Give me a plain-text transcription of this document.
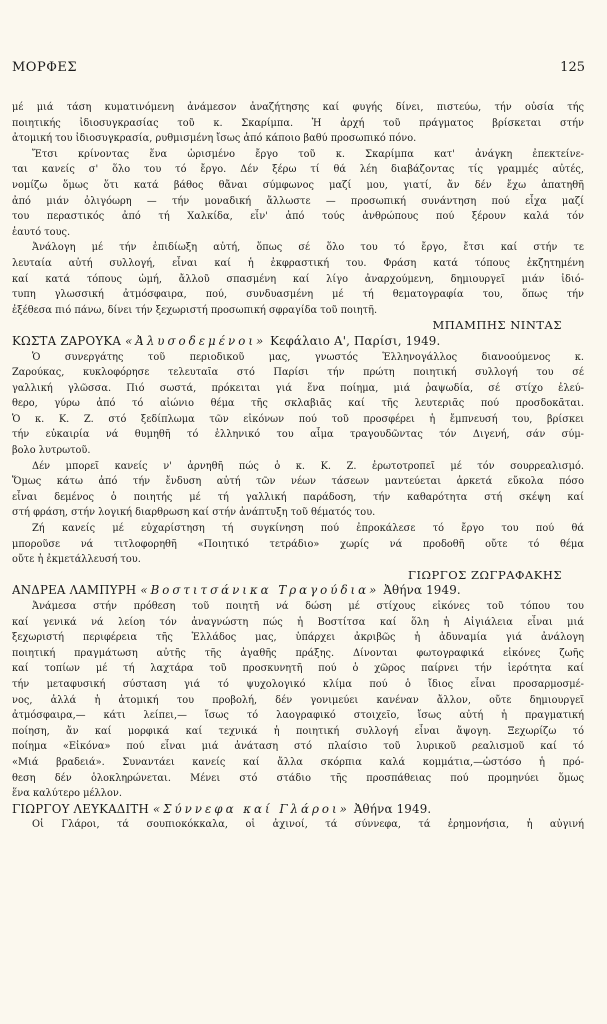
ΜΟΡΦΕΣ	125
μέ μιά τάση κυματινόμενη ἀνάμεσον ἀναζήτησης καί φυγής δίνει, πιστεύω, τήν οὐσία τής
ποιητικής ἰδιοσυγκρασίας τοῦ κ. Σκαρίμπα. Ἡ ἀρχή τοῦ πράγματος βρίσκεται στήν
ἀτομική του ἰδιοσυγκρασία, ρυθμισμένη ἴσως ἀπό κάποιο βαθύ προσωπικό πόνο.
Ἔτσι κρίνοντας ἕνα ὡρισμένο ἔργο τοῦ κ. Σκαρίμπα κατ' ἀνάγκη ἐπεκτείνε-
ται κανείς σ' ὅλο του τό ἔργο. Δέν ξέρω τί θά λέη διαβάζοντας τίς γραμμές αὐτές,
νομίζω ὅμως ὅτι κατά βάθος θἄναι σύμφωνος μαζί μου, γιατί, ἄν δέν ἔχω ἀπατηθῆ
ἀπό μιάν ὀλιγόωρη — τήν μοναδική ἄλλωστε — προσωπική συνάντηση πού εἶχα μαζί
του περαστικός ἀπό τή Χαλκίδα, εἶν' ἀπό τούς ἀνθρώπους πού ξέρουν καλά τόν
ἑαυτό τους.
Ἀνάλογη μέ τήν ἐπιδίωξη αὐτή, ὅπως σέ ὅλο του τό ἔργο, ἔτσι καί στήν τε
λευταία αὐτή συλλογή, εἶναι καί ἡ ἐκφραστική του. Φράση κατά τόπους ἐκζητημένη
καί κατά τόπους ὠμή, ἄλλοῦ σπασμένη καί λίγο ἀναρχούμενη, δημιουργεῖ μιάν ἰδιό-
τυπη γλωσσική ἀτμόσφαιρα, πού, συνδυασμένη μέ τή θεματογραφία του, ὅπως τήν
ἐξέθεσα πιό πάνω, δίνει τήν ξεχωριστή προσωπική σφραγίδα τοῦ ποιητῆ.
ΜΠΑΜΠΗΣ ΝΙΝΤΑΣ
ΚΩΣΤΑ ΖΑΡΟΥΚΑ «Ἀλυσοδεμένοι» Κεφάλαιο Α', Παρίσι, 1949.
Ὁ συνεργάτης τοῦ περιοδικοῦ μας, γνωστός Ἑλληνογάλλος διανοούμενος κ.
Ζαρούκας, κυκλοφόρησε τελευταῖα στό Παρίσι τήν πρώτη ποιητική συλλογή του σέ
γαλλική γλῶσσα. Πιό σωστά, πρόκειται γιά ἕνα ποίημα, μιά ῥαψωδία, σέ στίχο ἐλεύ-
θερο, γύρω ἀπό τό αἰώνιο θέμα τῆς σκλαβιᾶς καί τῆς λευτεριᾶς πού προσδοκᾶται.
Ὁ κ. Κ. Ζ. στό ξεδίπλωμα τῶν εἰκόνων πού τοῦ προσφέρει ἡ ἔμπνευσή του, βρίσκει
τήν εὐκαιρία νά θυμηθῆ τό ἑλληνικό του αἷμα τραγουδῶντας τόν Διγενή, σάν σύμ-
βολο λυτρωτοῦ.
Δέν μπορεῖ κανείς ν' ἀρνηθῆ πώς ὁ κ. Κ. Ζ. ἐρωτοτροπεῖ μέ τόν σουρρεαλισμό.
Ὅμως κάτω ἀπό τήν ἔνδυση αὐτή τῶν νέων τάσεων μαντεύεται ἀρκετά εὔκολα πόσο
εἶναι δεμένος ὁ ποιητής μέ τή γαλλική παράδοση, τήν καθαρότητα στή σκέψη καί
στή φράση, στήν λογική διαρθρωση καί στήν ἀνάπτυξη τοῦ θέματός του.
Ζή κανείς μέ εὐχαρίστηση τή συγκίνηση πού ἐπροκάλεσε τό ἔργο του πού θά
μποροῦσε νά τιτλοφορηθῆ «Ποιητικό τετράδιο» χωρίς νά προδοθῆ οὔτε τό θέμα
οὔτε ἡ ἐκμετάλλευσή του.
ΓΙΩΡΓΟΣ ΖΩΓΡΑΦΑΚΗΣ
ΑΝΔΡΕΑ ΛΑΜΠΥΡΗ «Βοστιτσάνικα Τραγούδια» Ἀθήνα 1949.
Ἀνάμεσα στήν πρόθεση τοῦ ποιητῆ νά δώση μέ στίχους εἰκόνες τοῦ τόπου του
καί γενικά νά λείοη τόν ἀναγνώστη πώς ἡ Βοστίτσα καί ὅλη ἡ Αἰγιάλεια εἶναι μιά
ξεχωριστή περιφέρεια τῆς Ἑλλάδος μας, ὑπάρχει ἀκριβῶς ἡ ἀδυναμία γιά ἀνάλογη
ποιητική πραγμάτωση αὐτῆς τῆς ἀγαθῆς πράξης. Δίνονται φωτογραφικά εἰκόνες ζωῆς
καί τοπίων μέ τή λαχτάρα τοῦ προσκυνητῆ πού ὁ χῶρος παίρνει τήν ἱερότητα καί
τήν μεταφυσική σύσταση γιά τό ψυχολογικό κλίμα πού ὁ ἴδιος εἶναι προσαρμοσμέ-
νος, ἀλλά ἡ ἀτομική του προβολή, δέν γονιμεύει κανέναν ἄλλον, οὔτε δημιουργεῖ
ἀτμόσφαιρα,— κάτι λείπει,— ἴσως τό λαογραφικό στοιχεῖο, ἴσως αὐτή ἡ πραγματική
ποίηση, ἄν καί μορφικά καί τεχνικά ἡ ποιητική συλλογή εἶναι ἄψογη. Ξεχωρίζω τό
ποίημα «Εἰκόνα» πού εἶναι μιά ἀνάταση στό πλαίσιο τοῦ λυρικοῦ ρεαλισμοῦ καί τό
«Μιά βραδειά». Συναντάει κανείς καί ἄλλα σκόρπια καλά κομμάτια,—ὡστόσο ἡ πρό-
θεση δέν ὁλοκληρώνεται. Μένει στό στάδιο τῆς προσπάθειας πού προμηνύει ὅμως
ἕνα καλύτερο μέλλον.
ΓΙΩΡΓΟΥ ΛΕΥΚΑΔΙΤΗ «Σύννεφα καί Γλάροι» Ἀθήνα 1949.
Οἱ Γλάροι, τά σουπιοκόκκαλα, οἱ ἀχινοί, τά σύννεφα, τά ἐρημονήσια, ἡ αὐγινή
